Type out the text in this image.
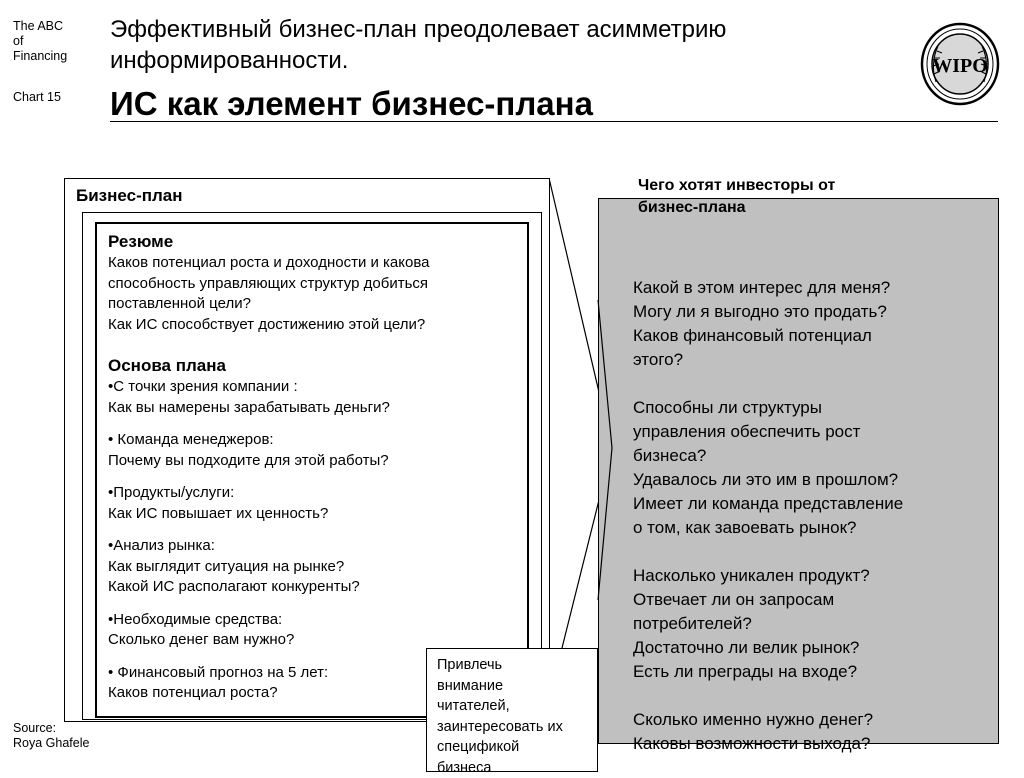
The ABC
of
Financing
Chart 15
Эффективный бизнес-план преодолевает асимметрию информированности.
ИС как элемент бизнес-плана
WIPO
Бизнес-план
Резюме
Каков потенциал роста и доходности и какова
способность управляющих структур добиться
поставленной цели?
Как ИС способствует достижению этой цели?
Основа плана
•С точки зрения компании :
Как вы намерены зарабатывать деньги?
• Команда менеджеров:
Почему вы подходите для этой работы?
•Продукты/услуги:
Как ИС повышает их ценность?
•Анализ рынка:
Как выглядит ситуация на рынке?
Какой ИС располагают конкуренты?
•Необходимые средства:
Сколько денег вам нужно?
• Финансовый прогноз на 5 лет:
Каков потенциал роста?
Привлечь
внимание
читателей,
заинтересовать их
спецификой
бизнеса
Чего хотят инвесторы от
бизнес-плана
Какой в этом интерес для меня?
Могу ли я выгодно это продать?
Каков финансовый потенциал
этого?
Способны ли структуры
управления обеспечить рост
бизнеса?
Удавалось ли это им в прошлом?
Имеет ли команда представление
о том, как завоевать рынок?
Насколько уникален продукт?
Отвечает ли он запросам
потребителей?
Достаточно ли велик рынок?
Есть ли преграды на входе?
Сколько именно нужно денег?
Каковы возможности выхода?
Source:
Roya Ghafele
